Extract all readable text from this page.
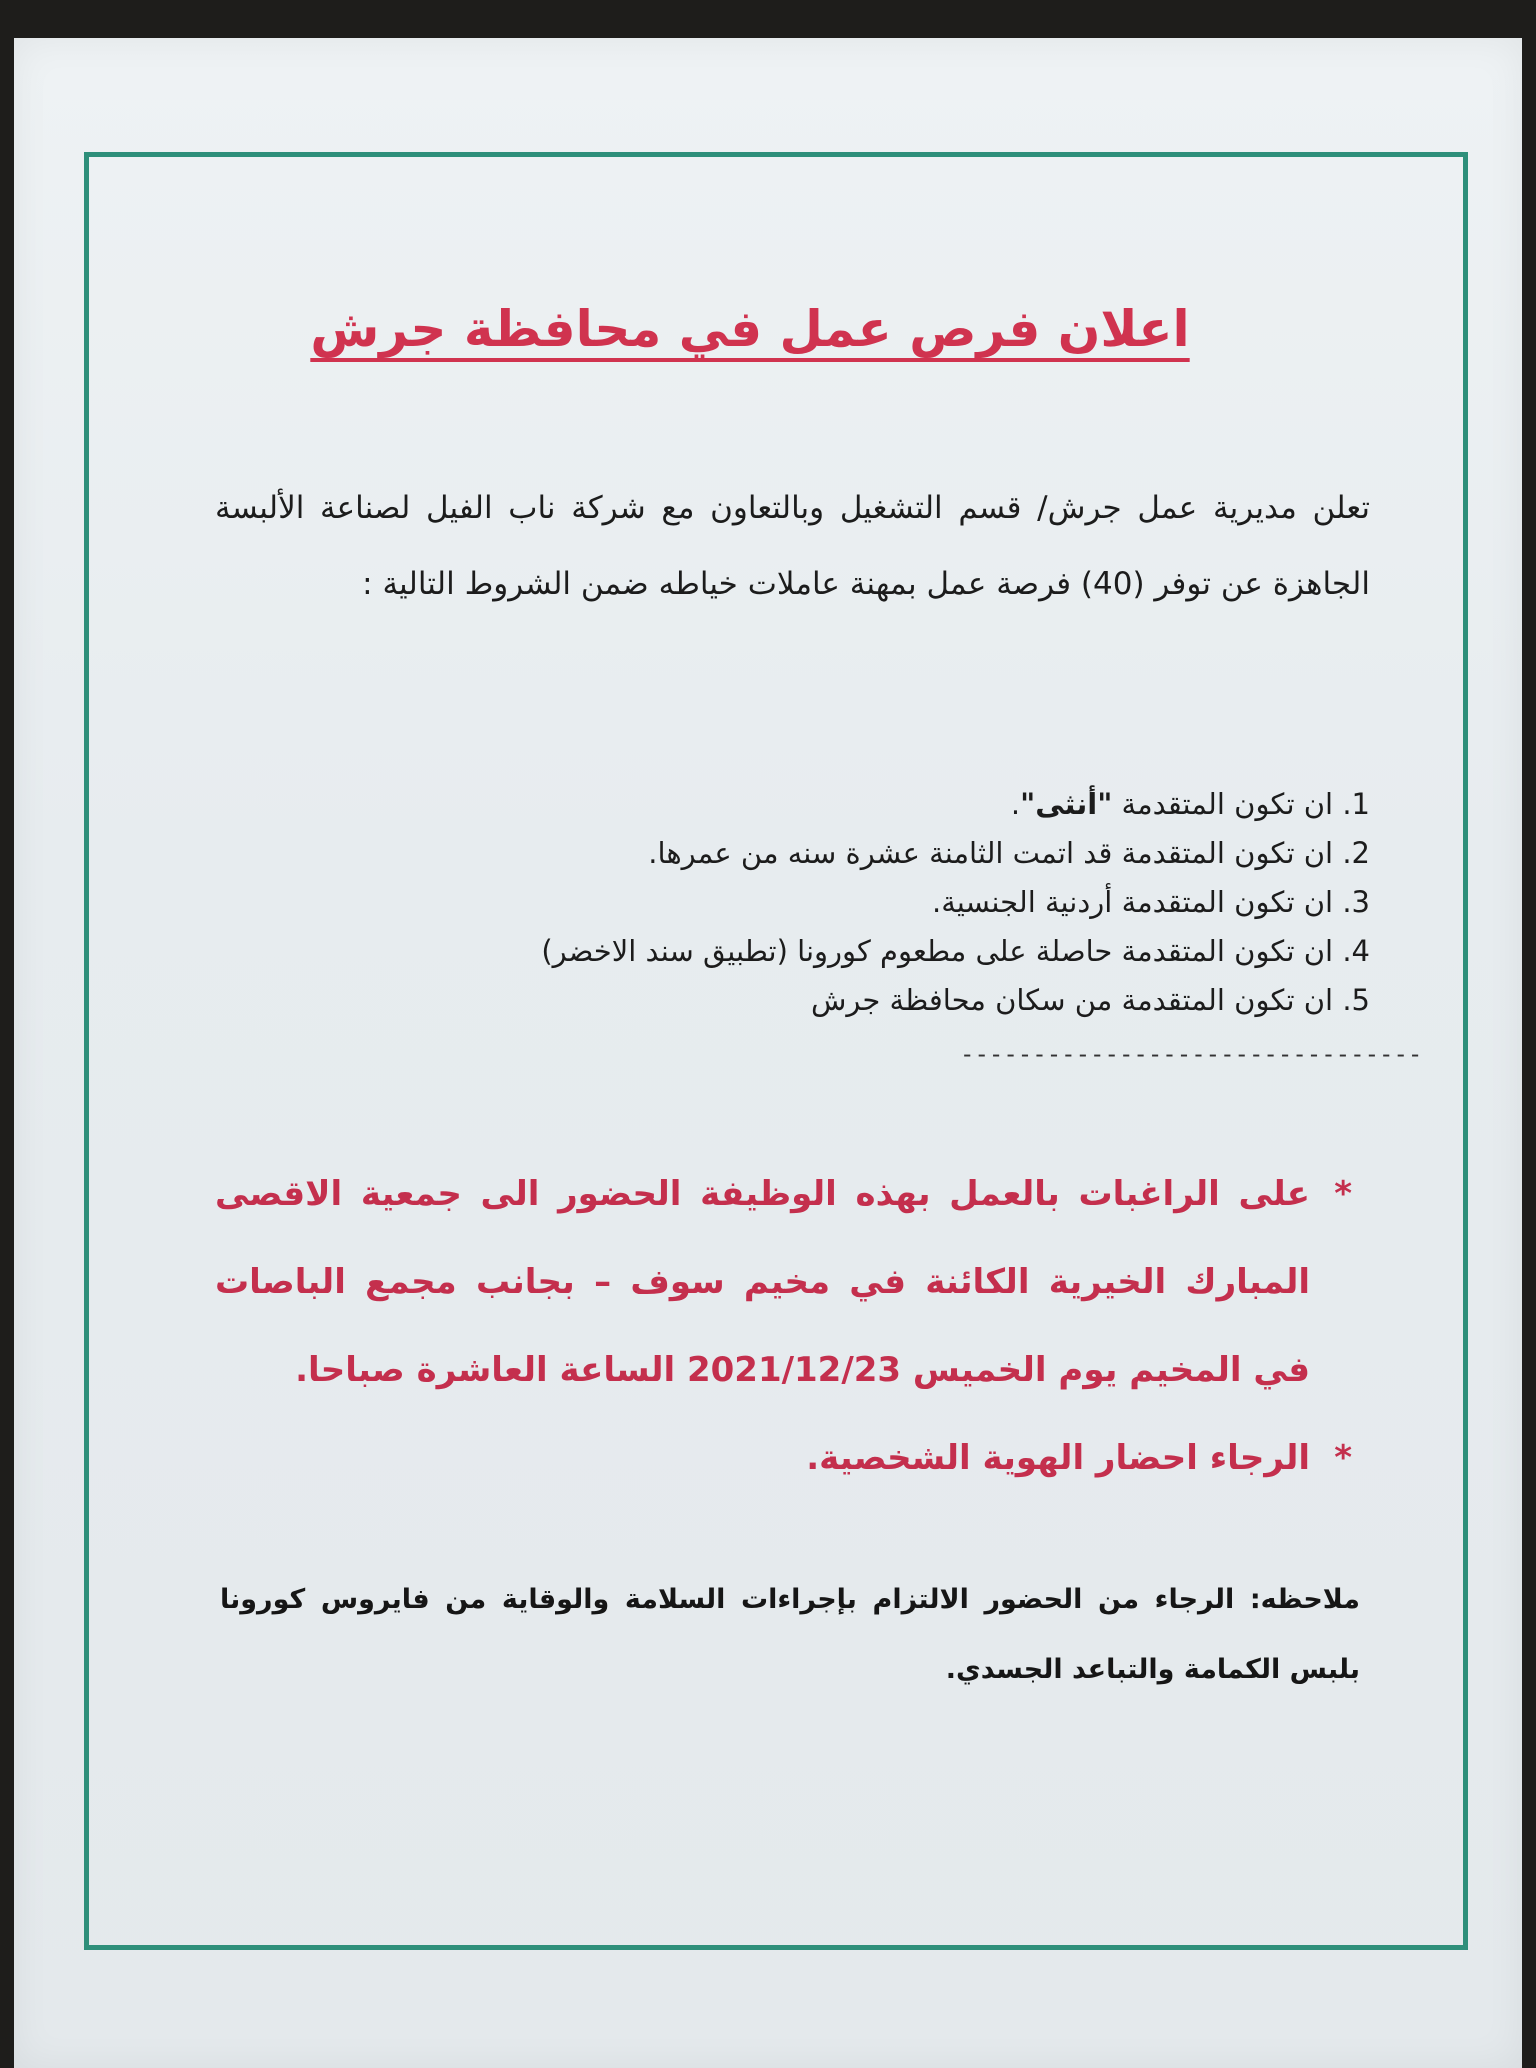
اعلان فرص عمل في محافظة جرش
تعلن مديرية عمل جرش/ قسم التشغيل وبالتعاون مع شركة ناب الفيل لصناعة الألبسة الجاهزة عن توفر (40) فرصة عمل بمهنة عاملات خياطه ضمن الشروط التالية :
1. ان تكون المتقدمة "أنثى".
2. ان تكون المتقدمة قد اتمت الثامنة عشرة سنه من عمرها.
3. ان تكون المتقدمة أردنية الجنسية.
4. ان تكون المتقدمة حاصلة على مطعوم كورونا (تطبيق سند الاخضر)
5. ان تكون المتقدمة من سكان محافظة جرش
--------------------------------

*
على الراغبات بالعمل بهذه الوظيفة الحضور الى جمعية الاقصى المبارك الخيرية الكائنة في مخيم سوف – بجانب مجمع الباصات في المخيم يوم الخميس 2021/12/23 الساعة العاشرة صباحا.

*
الرجاء احضار الهوية الشخصية.

ملاحظه: الرجاء من الحضور الالتزام بإجراءات السلامة والوقاية من فايروس كورونا بلبس الكمامة والتباعد الجسدي.
